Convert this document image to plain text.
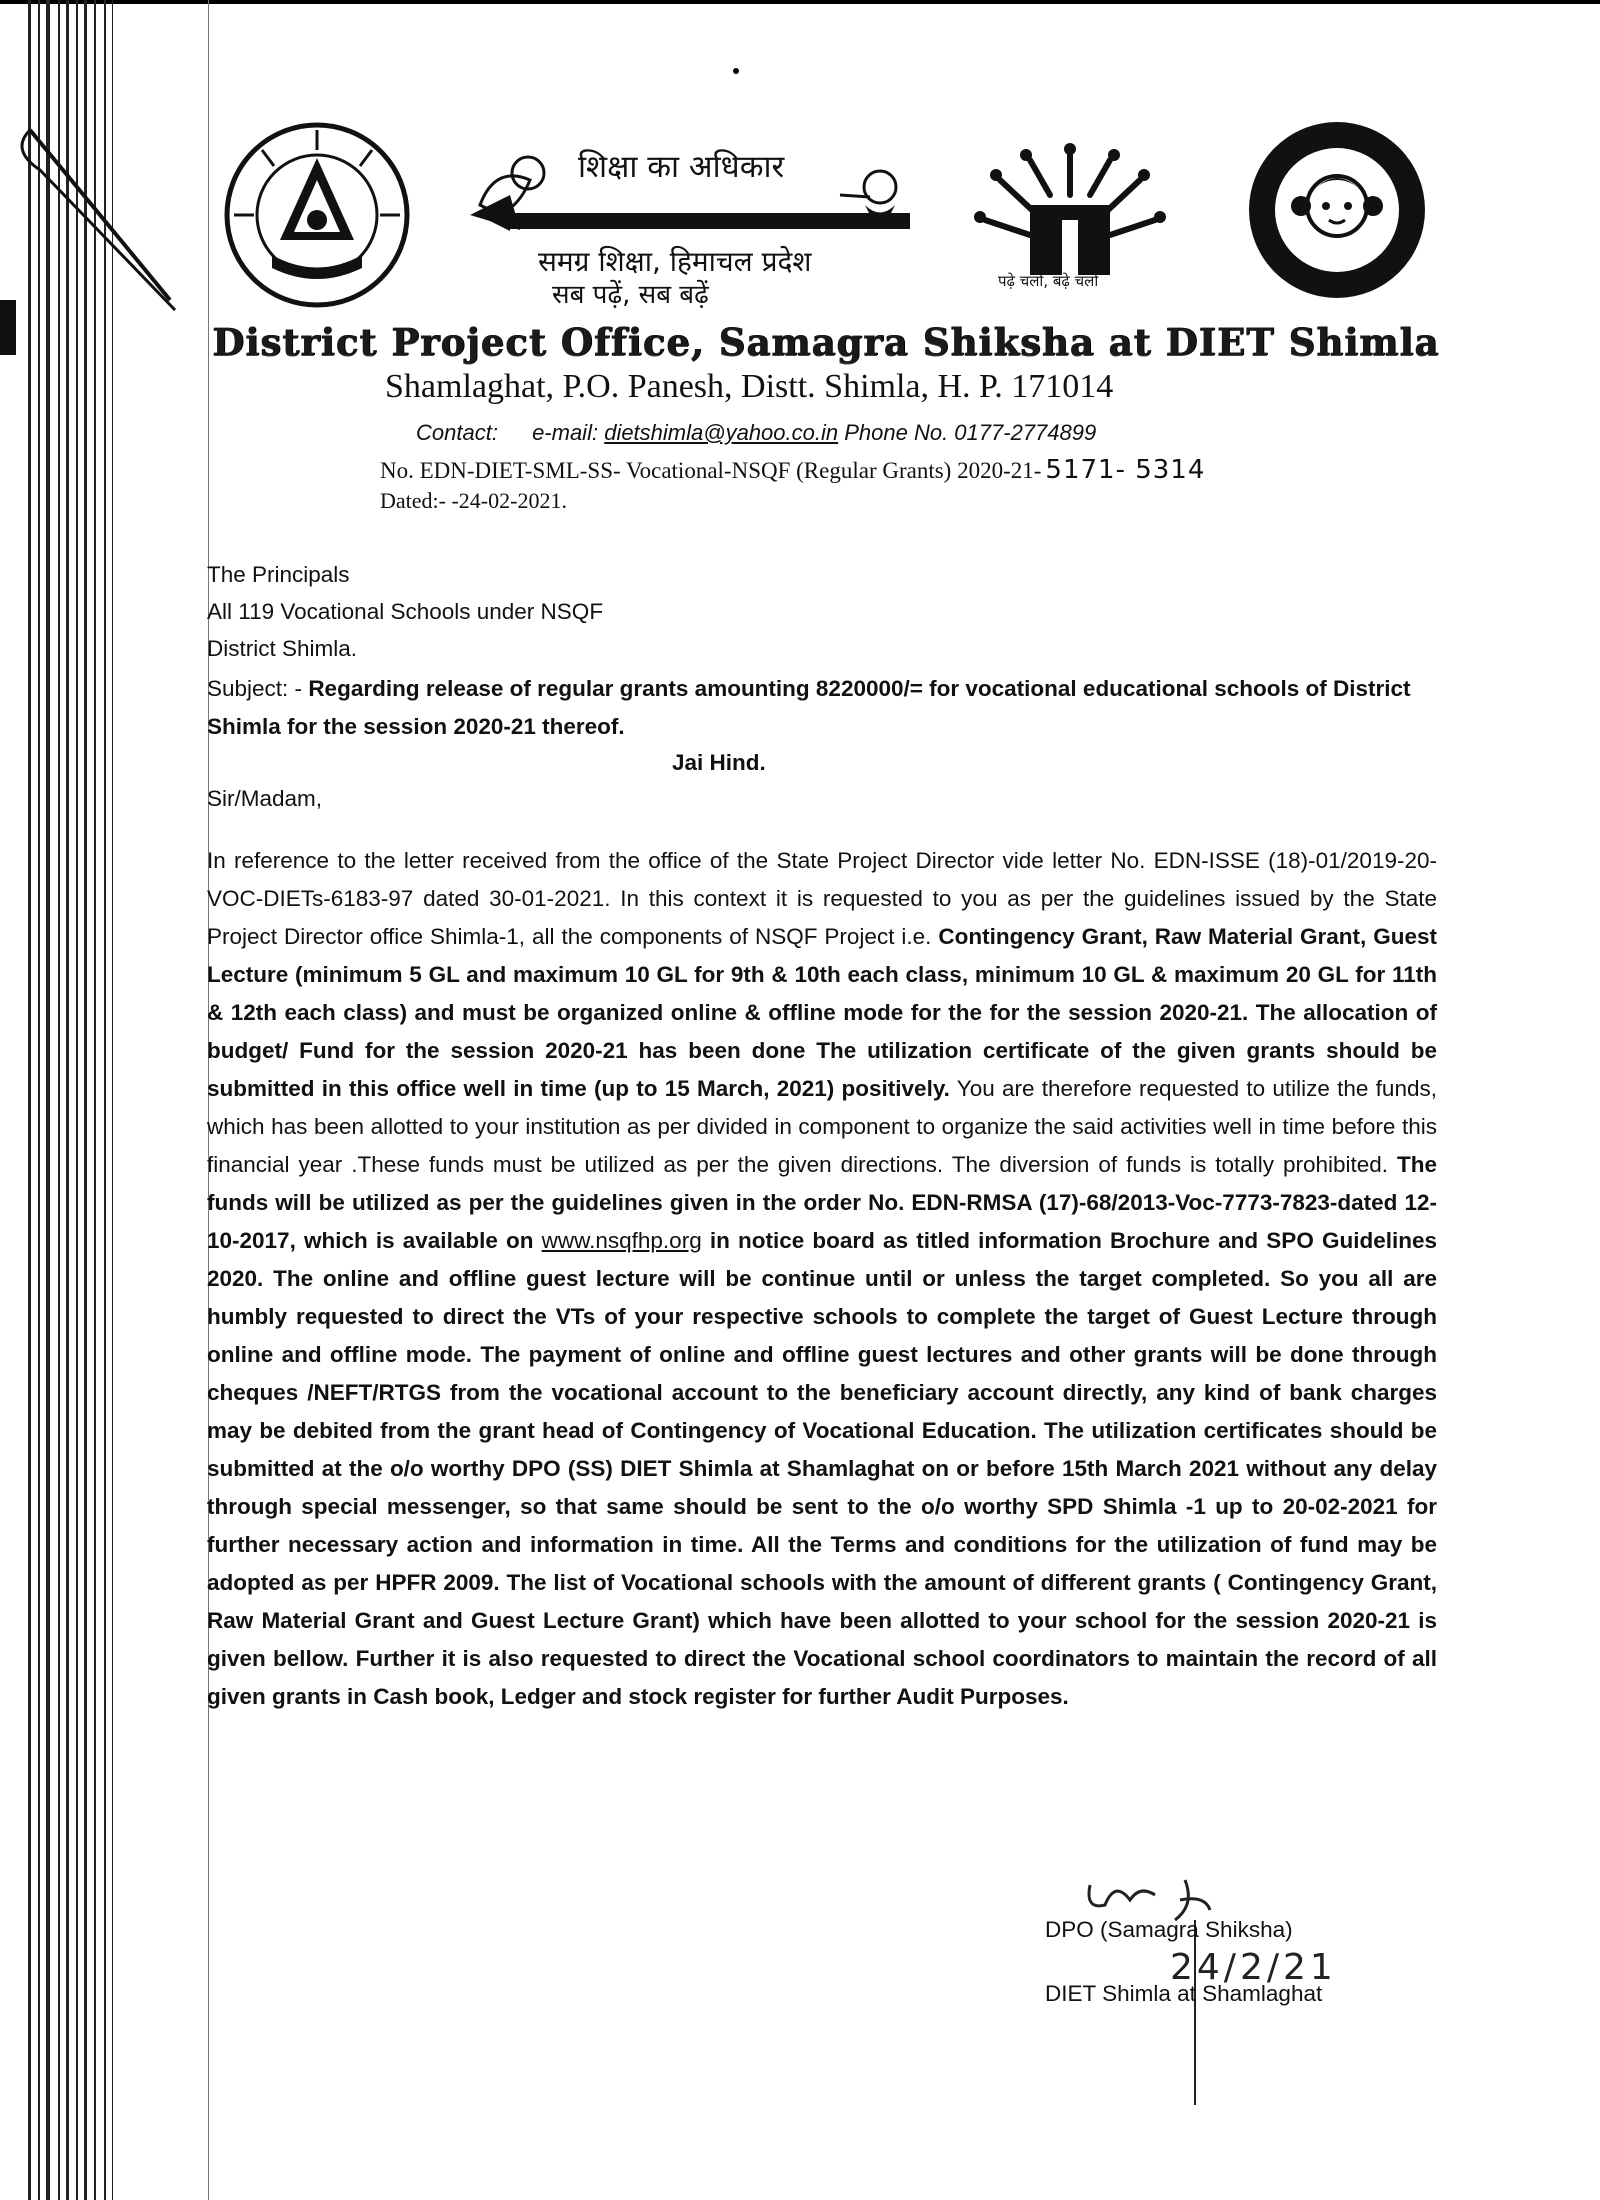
शिक्षा का अधिकार
समग्र शिक्षा, हिमाचल प्रदेश
सब पढ़ें, सब बढ़ें	पढ़े चलो, बढ़े चलो
District Project Office, Samagra Shiksha at DIET Shimla
Shamlaghat, P.O. Panesh, Distt. Shimla, H. P. 171014
Contact: e-mail: dietshimla@yahoo.co.in Phone No. 0177-2774899
No. EDN-DIET-SML-SS- Vocational-NSQF (Regular Grants) 2020-21- 5171- 5314
Dated:- -24-02-2021.
The Principals
All 119 Vocational Schools under NSQF
District Shimla.
Subject: - Regarding release of regular grants amounting 8220000/= for vocational educational schools of District Shimla for the session 2020-21 thereof.
Jai Hind.
Sir/Madam,
In reference to the letter received from the office of the State Project Director vide letter No. EDN-ISSE (18)-01/2019-20-VOC-DIETs-6183-97 dated 30-01-2021. In this context it is requested to you as per the guidelines issued by the State Project Director office Shimla-1, all the components of NSQF Project i.e. Contingency Grant, Raw Material Grant, Guest Lecture (minimum 5 GL and maximum 10 GL for 9th & 10th each class, minimum 10 GL & maximum 20 GL for 11th & 12th each class) and must be organized online & offline mode for the for the session 2020-21. The allocation of budget/ Fund for the session 2020-21 has been done The utilization certificate of the given grants should be submitted in this office well in time (up to 15 March, 2021) positively. You are therefore requested to utilize the funds, which has been allotted to your institution as per divided in component to organize the said activities well in time before this financial year .These funds must be utilized as per the given directions. The diversion of funds is totally prohibited. The funds will be utilized as per the guidelines given in the order No. EDN-RMSA (17)-68/2013-Voc-7773-7823-dated 12-10-2017, which is available on www.nsqfhp.org in notice board as titled information Brochure and SPO Guidelines 2020. The online and offline guest lecture will be continue until or unless the target completed. So you all are humbly requested to direct the VTs of your respective schools to complete the target of Guest Lecture through online and offline mode. The payment of online and offline guest lectures and other grants will be done through cheques /NEFT/RTGS from the vocational account to the beneficiary account directly, any kind of bank charges may be debited from the grant head of Contingency of Vocational Education. The utilization certificates should be submitted at the o/o worthy DPO (SS) DIET Shimla at Shamlaghat on or before 15th March 2021 without any delay through special messenger, so that same should be sent to the o/o worthy SPD Shimla -1 up to 20-02-2021 for further necessary action and information in time. All the Terms and conditions for the utilization of fund may be adopted as per HPFR 2009. The list of Vocational schools with the amount of different grants ( Contingency Grant, Raw Material Grant and Guest Lecture Grant) which have been allotted to your school for the session 2020-21 is given bellow. Further it is also requested to direct the Vocational school coordinators to maintain the record of all given grants in Cash book, Ledger and stock register for further Audit Purposes.
DPO (Samagra Shiksha)
24/2/21
DIET Shimla at Shamlaghat
